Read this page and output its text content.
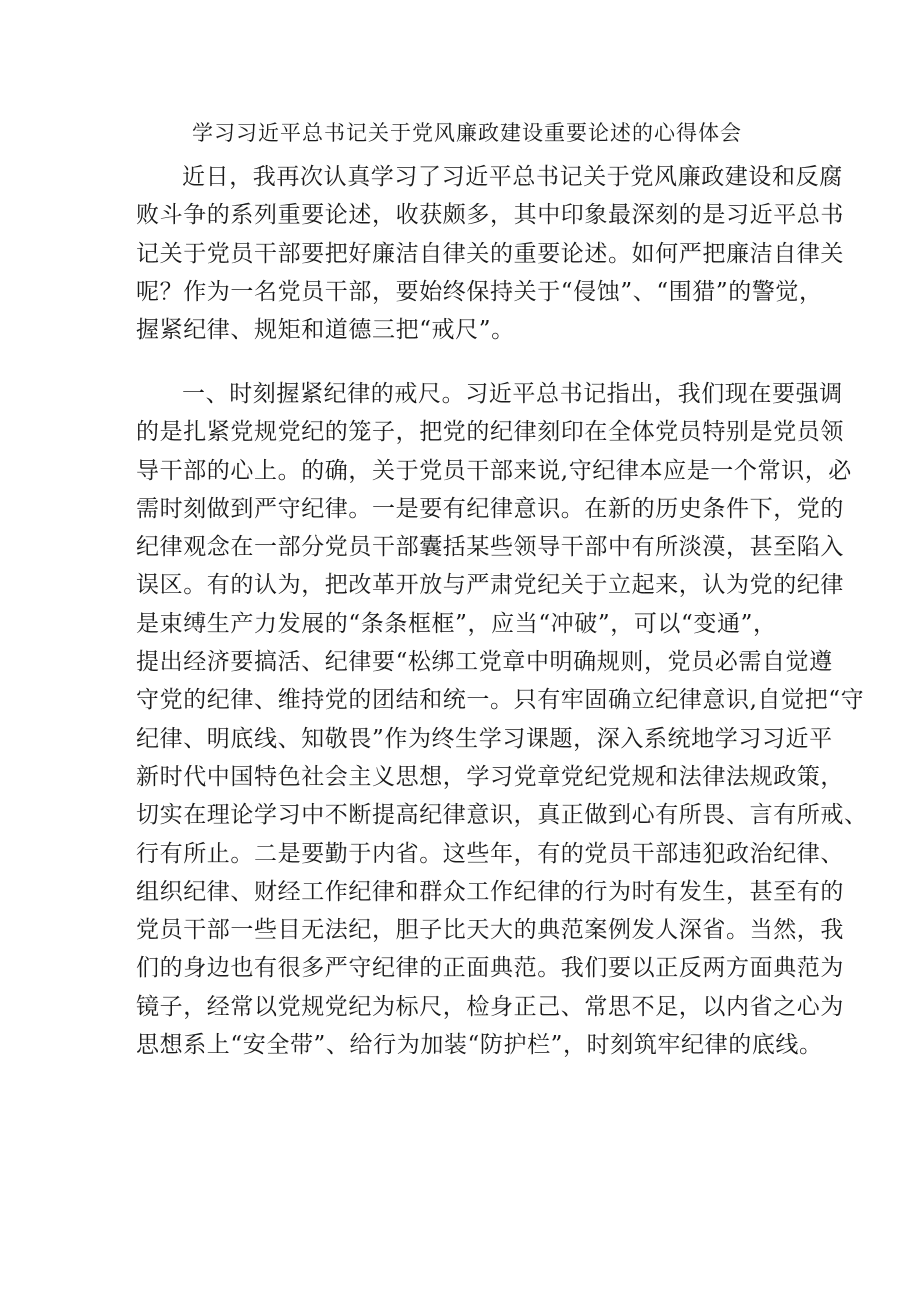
学习习近平总书记关于党风廉政建设重要论述的心得体会
近日，我再次认真学习了习近平总书记关于党风廉政建设和反腐
败斗争的系列重要论述，收获颇多，其中印象最深刻的是习近平总书
记关于党员干部要把好廉洁自律关的重要论述。如何严把廉洁自律关
呢？作为一名党员干部，要始终保持关于“侵蚀”、“围猎”的警觉，
握紧纪律、规矩和道德三把“戒尺”。
一、时刻握紧纪律的戒尺。习近平总书记指出，我们现在要强调
的是扎紧党规党纪的笼子，把党的纪律刻印在全体党员特别是党员领
导干部的心上。的确，关于党员干部来说,守纪律本应是一个常识，必
需时刻做到严守纪律。一是要有纪律意识。在新的历史条件下，党的
纪律观念在一部分党员干部囊括某些领导干部中有所淡漠，甚至陷入
误区。有的认为，把改革开放与严肃党纪关于立起来，认为党的纪律
是束缚生产力发展的“条条框框”，应当“冲破”，可以“变通”，
提出经济要搞活、纪律要“松绑工党章中明确规则，党员必需自觉遵
守党的纪律、维持党的团结和统一。只有牢固确立纪律意识,自觉把“守
纪律、明底线、知敬畏”作为终生学习课题，深入系统地学习习近平
新时代中国特色社会主义思想，学习党章党纪党规和法律法规政策，
切实在理论学习中不断提高纪律意识，真正做到心有所畏、言有所戒、
行有所止。二是要勤于内省。这些年，有的党员干部违犯政治纪律、
组织纪律、财经工作纪律和群众工作纪律的行为时有发生，甚至有的
党员干部一些目无法纪，胆子比天大的典范案例发人深省。当然，我
们的身边也有很多严守纪律的正面典范。我们要以正反两方面典范为
镜子，经常以党规党纪为标尺，检身正己、常思不足，以内省之心为
思想系上“安全带”、给行为加装“防护栏”，时刻筑牢纪律的底线。
